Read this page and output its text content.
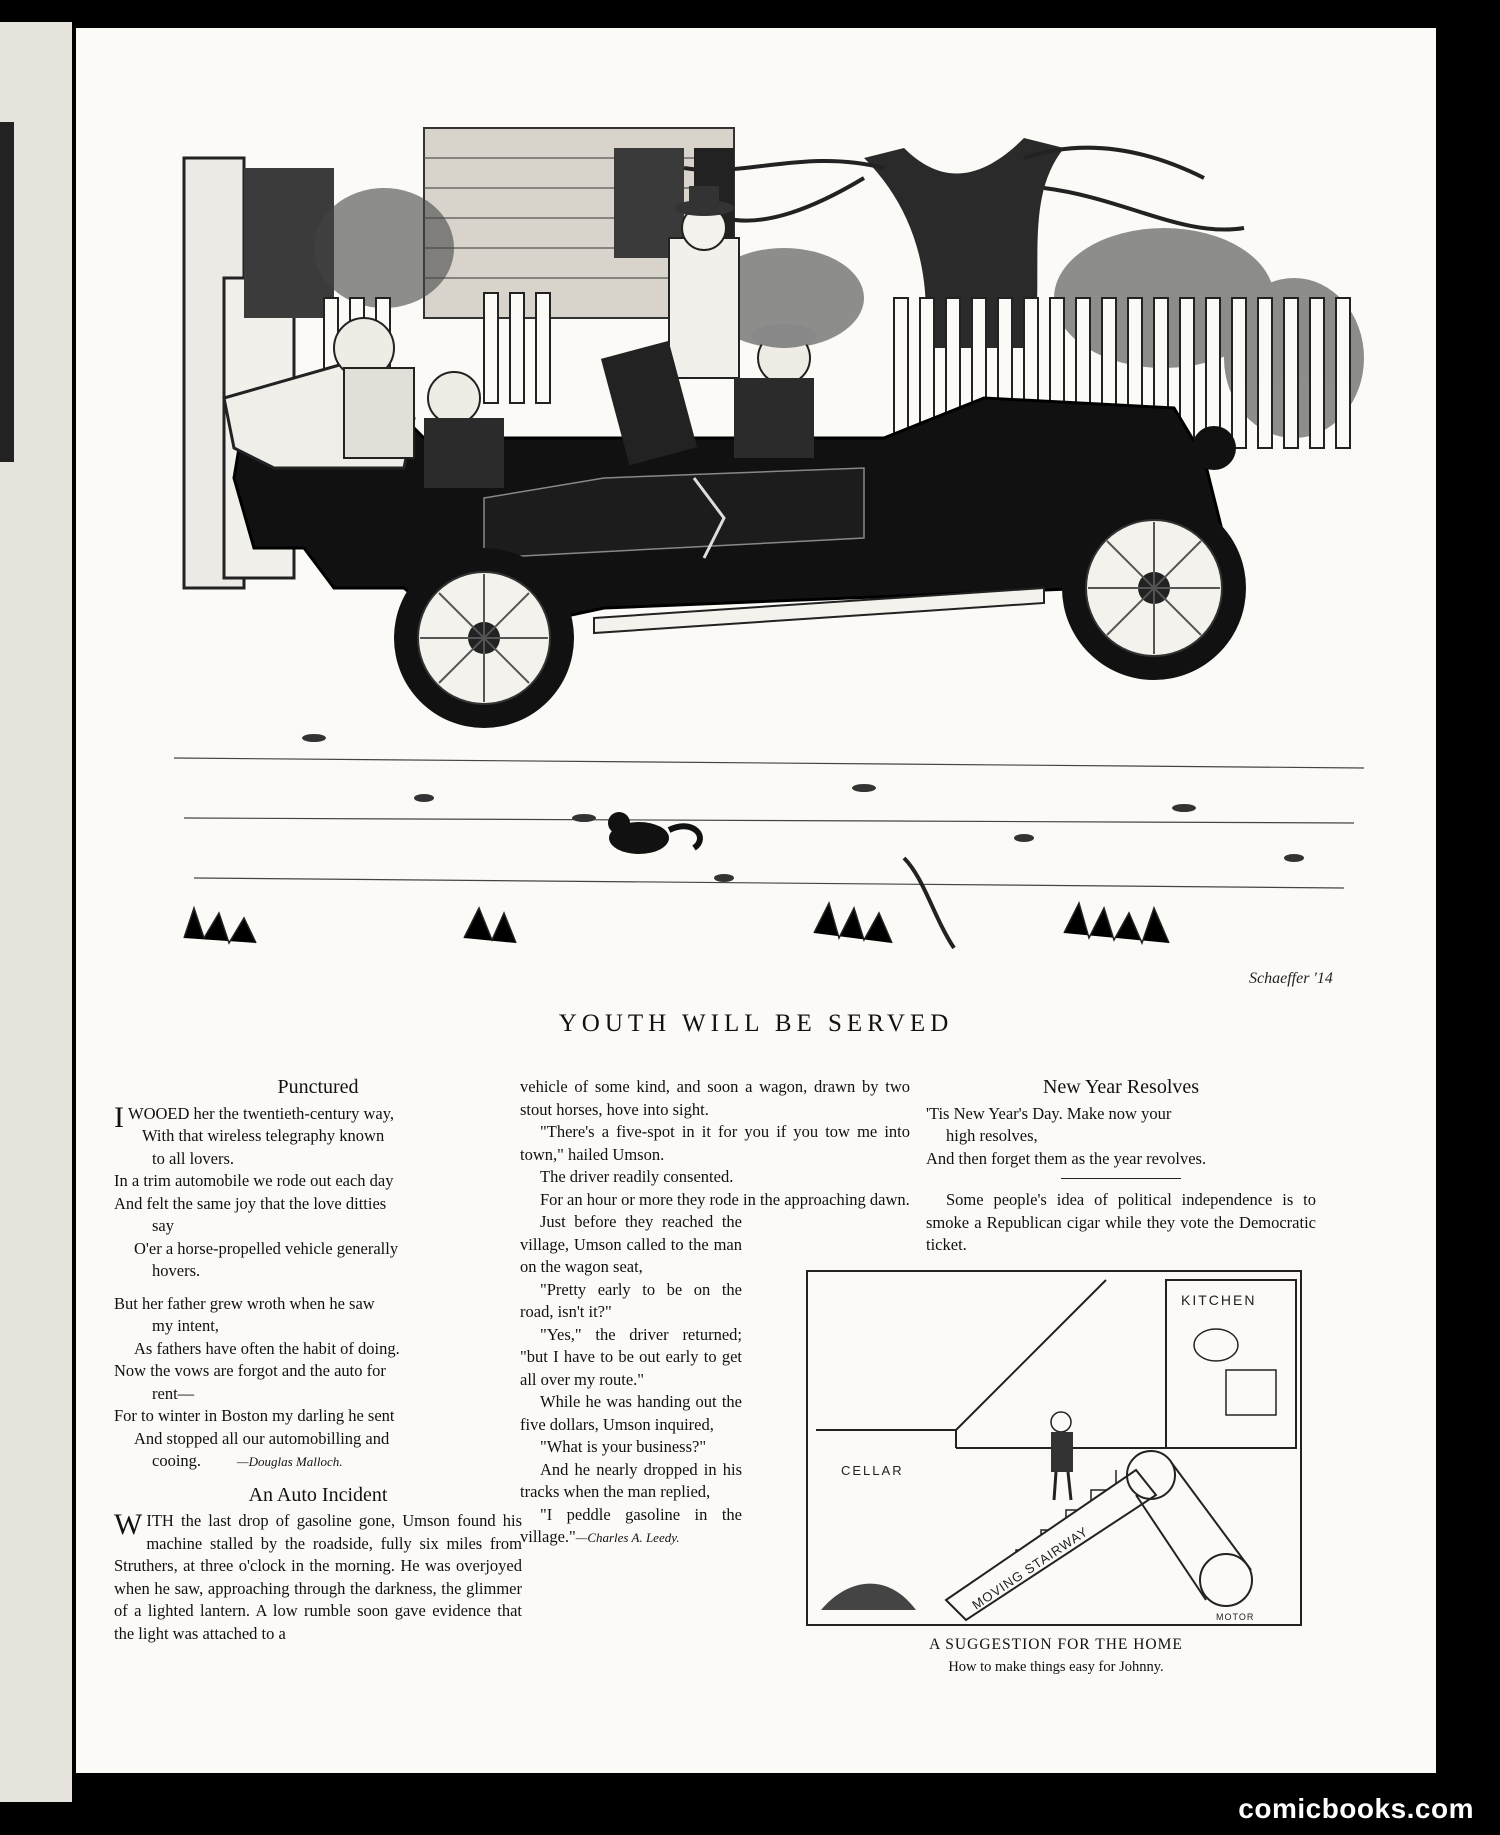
Schaeffer '14
YOUTH WILL BE SERVED
Punctured
IWOOED her the twentieth-century way,
With that wireless telegraphy known
to all lovers.
In a trim automobile we rode out each day
And felt the same joy that the love ditties
say
O'er a horse-propelled vehicle generally
hovers.
But her father grew wroth when he saw
my intent,
As fathers have often the habit of doing.
Now the vows are forgot and the auto for
rent—
For to winter in Boston my darling he sent
And stopped all our automobilling and
cooing.	—Douglas Malloch.
An Auto Incident

WITH the last drop of gasoline gone, Umson found his machine stalled by the roadside, fully six miles from Struthers, at three o'clock in the morning. He was overjoyed when he saw, approaching through the darkness, the glimmer of a lighted lantern. A low rumble soon gave evidence that the light was attached to a

vehicle of some kind, and soon a wagon, drawn by two stout horses, hove into sight.

"There's a five-spot in it for you if you tow me into town," hailed Umson.

The driver readily consented.

For an hour or more they rode in the approaching dawn.

Just before they reached the village, Umson called to the man on the wagon seat,

"Pretty early to be on the road, isn't it?"

"Yes," the driver returned; "but I have to be out early to get all over my route."

While he was handing out the five dollars, Umson inquired,

"What is your business?"

And he nearly dropped in his tracks when the man replied,

"I peddle gasoline in the village."—Charles A. Leedy.

New Year Resolves
'Tis New Year's Day. Make now your
high resolves,
And then forget them as the year revolves.

Some people's idea of political independence is to smoke a Republican cigar while they vote the Democratic ticket.

KITCHEN
CELLAR
MOVING STAIRWAY
MOTOR
A SUGGESTION FOR THE HOME
How to make things easy for Johnny.
comicbooks.com
